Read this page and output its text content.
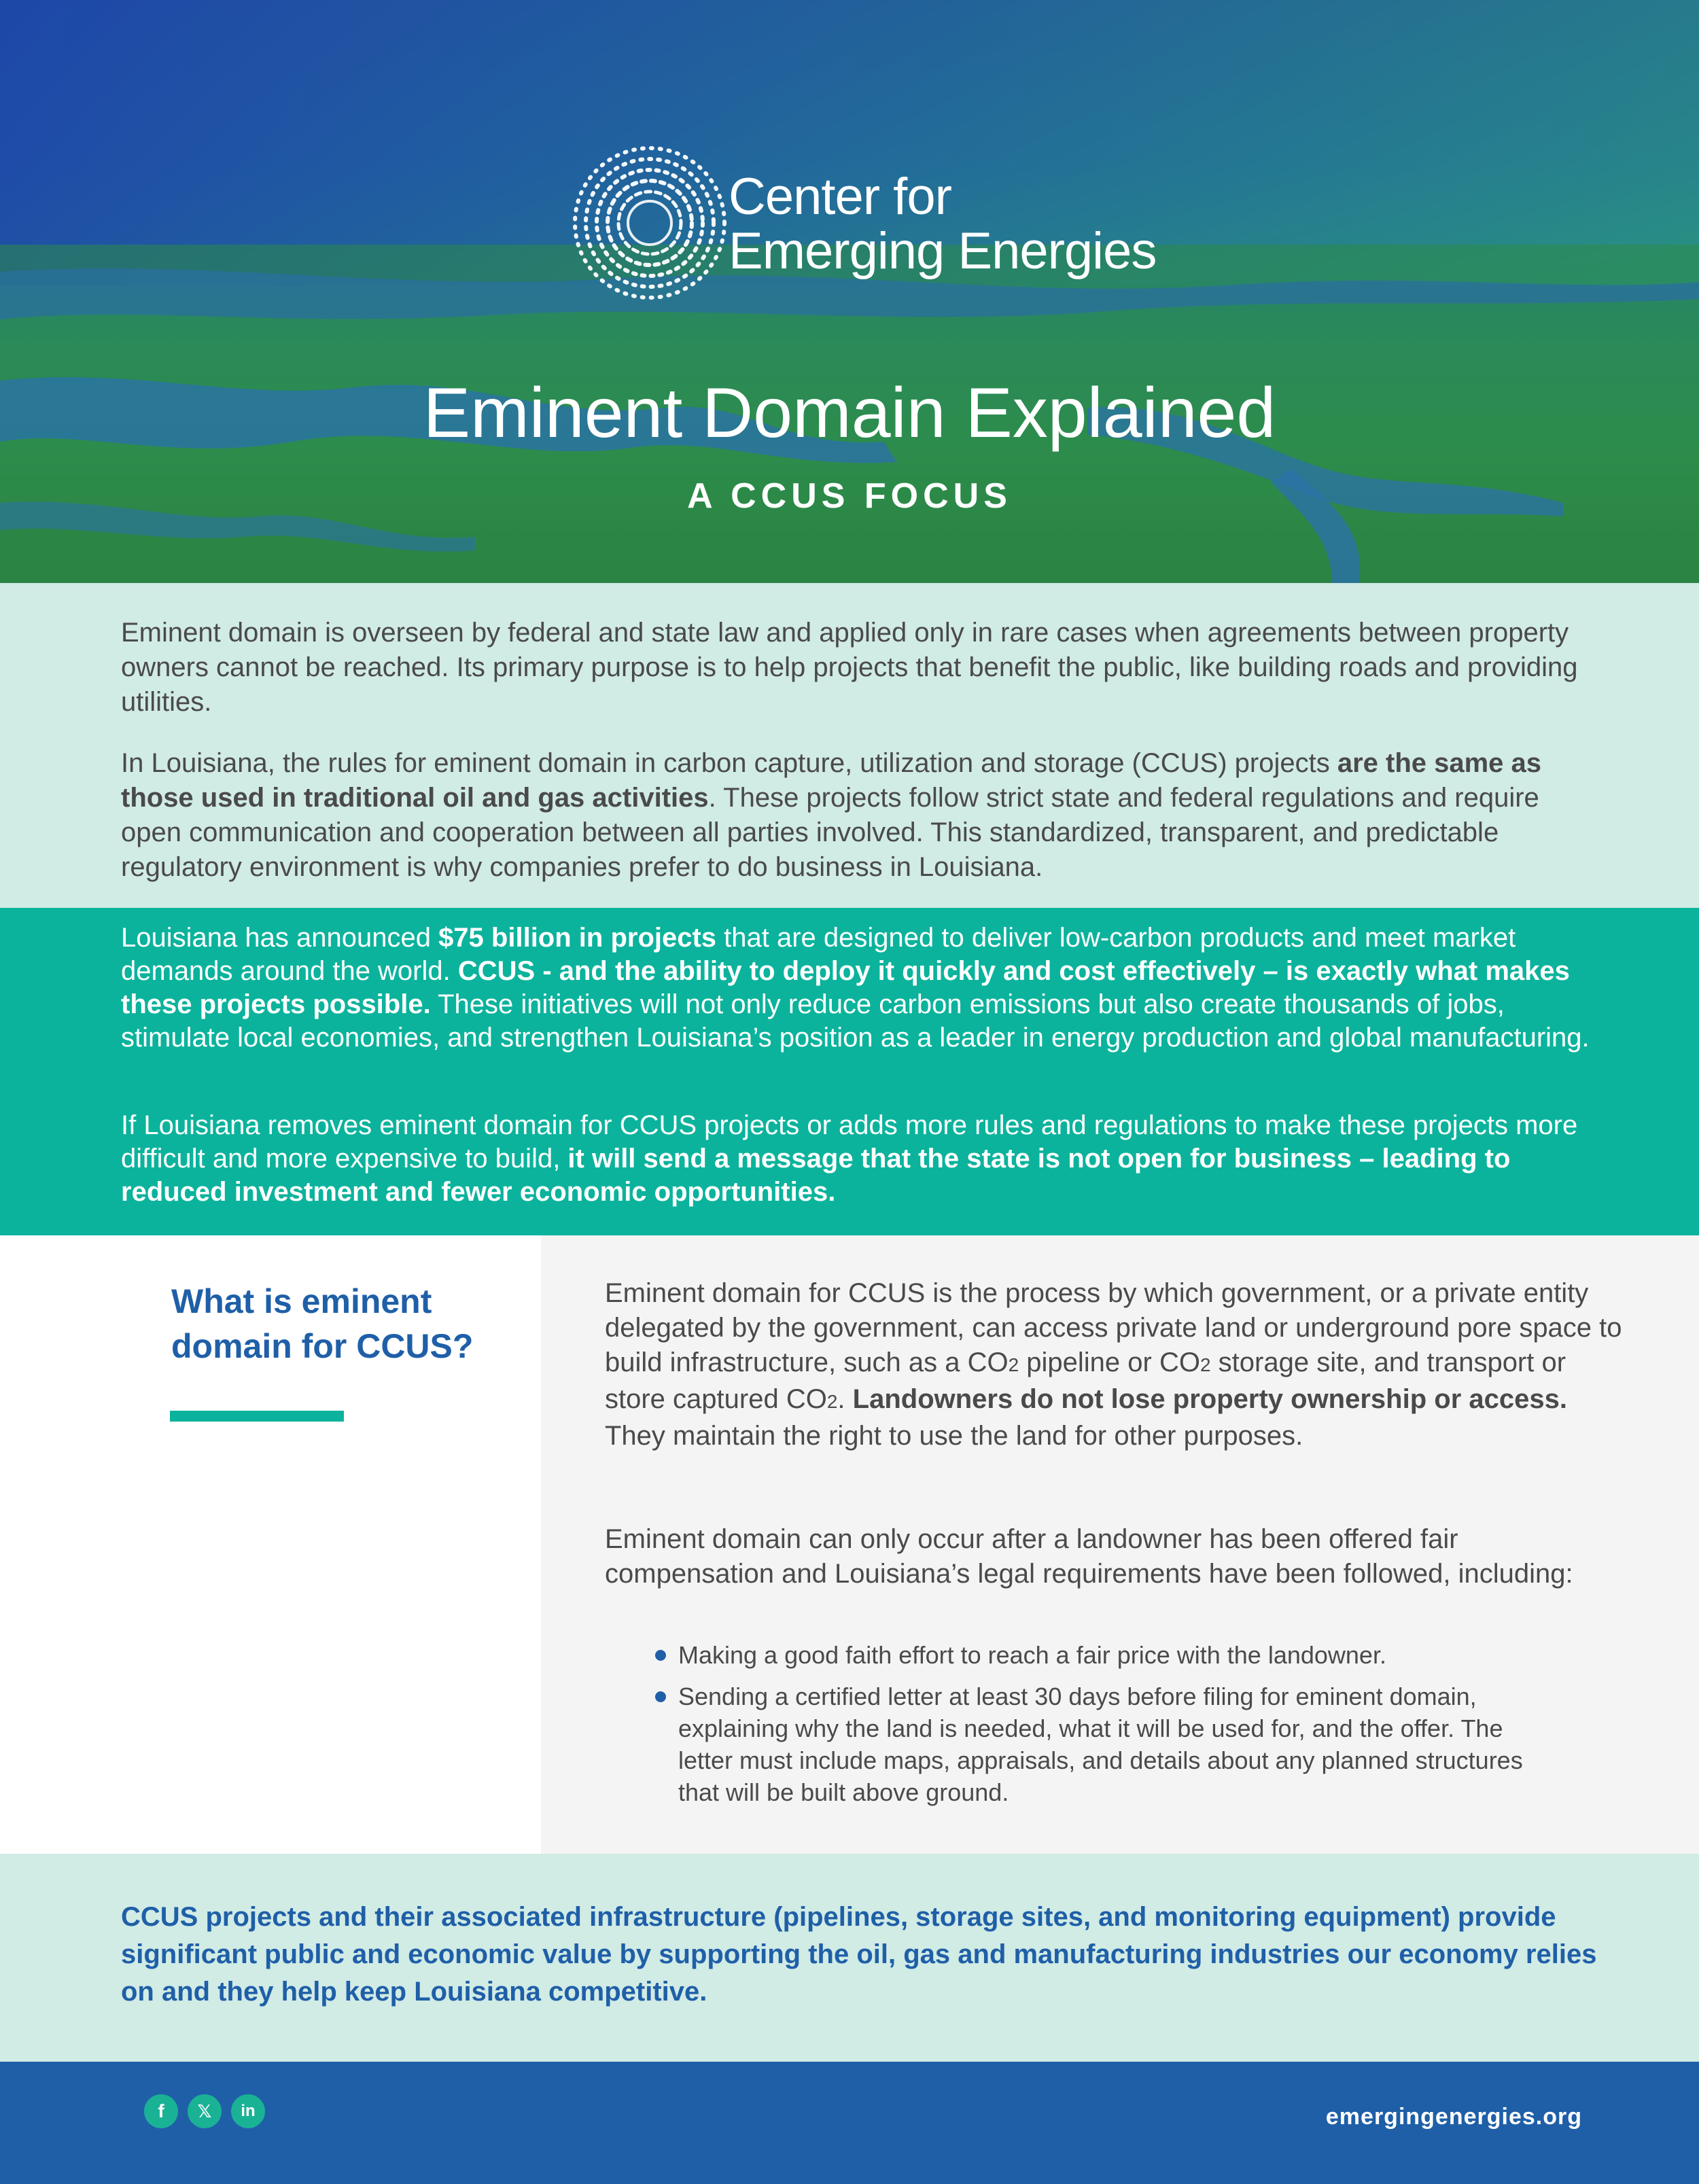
Center for
Emerging Energies
Eminent Domain Explained
A CCUS FOCUS

Eminent domain is overseen by federal and state law and applied only in rare cases when agreements between property owners cannot be reached. Its primary purpose is to help projects that benefit the public, like building roads and providing utilities.

In Louisiana, the rules for eminent domain in carbon capture, utilization and storage (CCUS) projects are the same as those used in traditional oil and gas activities. These projects follow strict state and federal regulations and require open communication and cooperation between all parties involved. This standardized, transparent, and predictable regulatory environment is why companies prefer to do business in Louisiana.

Louisiana has announced $75 billion in projects that are designed to deliver low-carbon products and meet market demands around the world. CCUS - and the ability to deploy it quickly and cost effectively – is exactly what makes these projects possible. These initiatives will not only reduce carbon emissions but also create thousands of jobs, stimulate local economies, and strengthen Louisiana’s position as a leader in energy production and global manufacturing.

If Louisiana removes eminent domain for CCUS projects or adds more rules and regulations to make these projects more difficult and more expensive to build, it will send a message that the state is not open for business – leading to reduced investment and fewer economic opportunities.

What is eminent domain for CCUS?

Eminent domain for CCUS is the process by which government, or a private entity delegated by the government, can access private land or underground pore space to build infrastructure, such as a CO2 pipeline or CO2 storage site, and transport or store captured CO2. Landowners do not lose property ownership or access. They maintain the right to use the land for other purposes.

Eminent domain can only occur after a landowner has been offered fair compensation and Louisiana’s legal requirements have been followed, including:

Making a good faith effort to reach a fair price with the landowner.
Sending a certified letter at least 30 days before filing for eminent domain, explaining why the land is needed, what it will be used for, and the offer. The letter must include maps, appraisals, and details about any planned structures that will be built above ground.

CCUS projects and their associated infrastructure (pipelines, storage sites, and monitoring equipment) provide significant public and economic value by supporting the oil, gas and manufacturing industries our economy relies on and they help keep Louisiana competitive.

f	𝕏	in	emergingenergies.org
